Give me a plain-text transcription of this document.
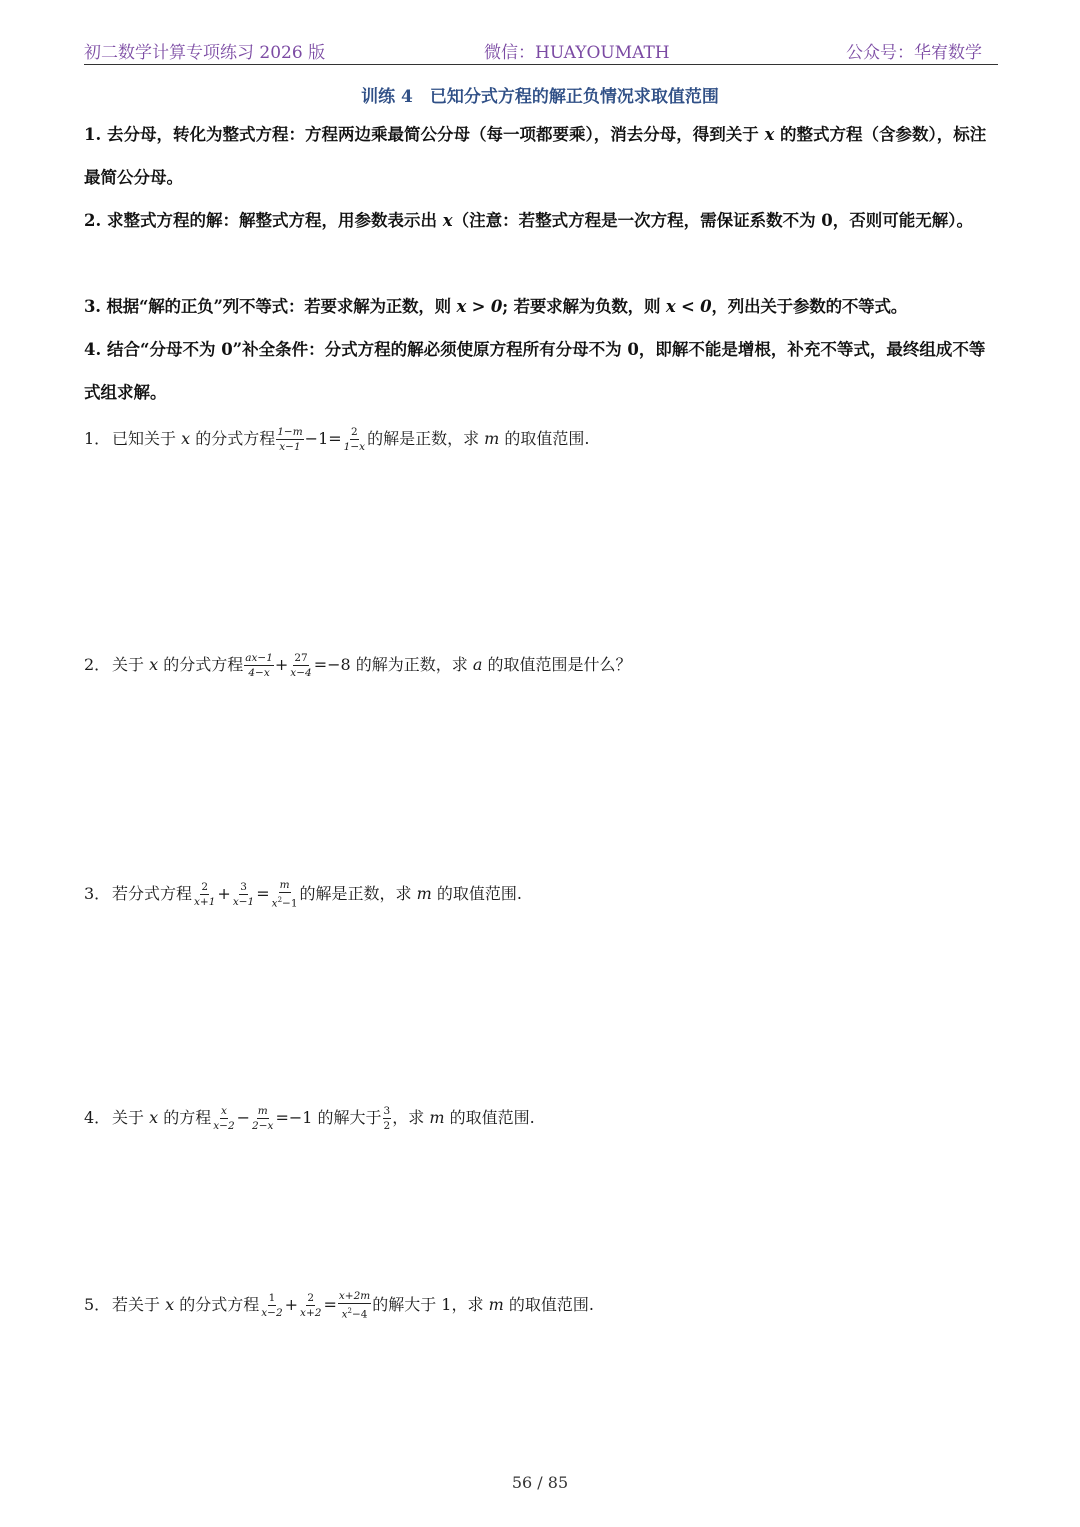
初二数学计算专项练习 2026 版	微信：HUAYOUMATH	公众号：华宥数学
训练 4　已知分式方程的解正负情况求取值范围
1. 去分母，转化为整式方程：方程两边乘最简公分母（每一项都要乘），消去分母，得到关于 x 的整式方程（含参数），标注最简公分母。
2. 求整式方程的解：解整式方程，用参数表示出 x（注意：若整式方程是一次方程，需保证系数不为 0，否则可能无解）。
3. 根据“解的正负”列不等式：若要求解为正数，则 x > 0; 若要求解为负数，则 x < 0，列出关于参数的不等式。
4. 结合“分母不为 0”补全条件：分式方程的解必须使原方程所有分母不为 0，即解不能是增根，补充不等式，最终组成不等式组求解。
1． 已知关于 x 的分式方程 $\frac{1-m}{x-1} -1= \frac{2}{1-x}$ 的解是正数，求 m 的取值范围.
2． 关于 x 的分式方程 $\frac{ax-1}{4-x} + \frac{27}{x-4} =-8$ 的解为正数，求 a 的取值范围是什么？
3． 若分式方程 $\frac{2}{x+1} + \frac{3}{x-1} = \frac{m}{x^2-1}$ 的解是正数，求 m 的取值范围.
4． 关于 x 的方程 $\frac{x}{x-2} - \frac{m}{2-x} =-1$ 的解大于 $\frac{3}{2}$ ，求 m 的取值范围.
5． 若关于 x 的分式方程 $\frac{1}{x-2} + \frac{2}{x+2} = \frac{x+2m}{x^2-4}$ 的解大于 1，求 m 的取值范围.
56 / 85
